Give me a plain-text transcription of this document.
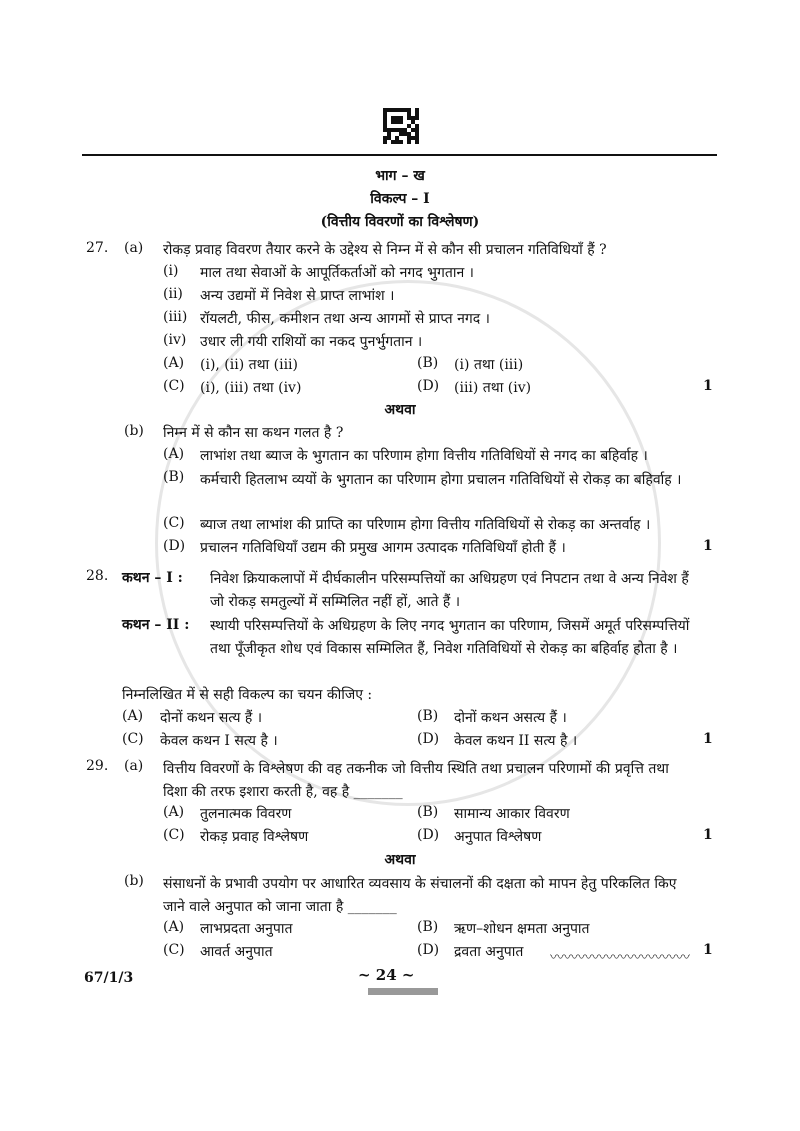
भाग – ख
विकल्प – I
(वित्तीय विवरणों का विश्लेषण)
27. (a) रोकड़ प्रवाह विवरण तैयार करने के उद्देश्य से निम्न में से कौन सी प्रचालन गतिविधियाँ हैं ?
(i) माल तथा सेवाओं के आपूर्तिकर्ताओं को नगद भुगतान ।
(ii) अन्य उद्यमों में निवेश से प्राप्त लाभांश ।
(iii) रॉयलटी, फीस, कमीशन तथा अन्य आगमों से प्राप्त नगद ।
(iv) उधार ली गयी राशियों का नकद पुनर्भुगतान ।
(A) (i), (ii) तथा (iii)	(B) (i) तथा (iii)
(C) (i), (iii) तथा (iv)	(D) (iii) तथा (iv)	1
अथवा
(b) निम्न में से कौन सा कथन गलत है ?
(A) लाभांश तथा ब्याज के भुगतान का परिणाम होगा वित्तीय गतिविधियों से नगद का बहिर्वाह ।
(B) कर्मचारी हितलाभ व्ययों के भुगतान का परिणाम होगा प्रचालन गतिविधियों से रोकड़ का बहिर्वाह ।
(C) ब्याज तथा लाभांश की प्राप्ति का परिणाम होगा वित्तीय गतिविधियों से रोकड़ का अन्तर्वाह ।
(D) प्रचालन गतिविधियाँ उद्यम की प्रमुख आगम उत्पादक गतिविधियाँ होती हैं ।	1
28. कथन – I : निवेश क्रियाकलापों में दीर्घकालीन परिसम्पत्तियों का अधिग्रहण एवं निपटान तथा वे अन्य निवेश हैं जो रोकड़ समतुल्यों में सम्मिलित नहीं हों, आते हैं ।
कथन – II : स्थायी परिसम्पत्तियों के अधिग्रहण के लिए नगद भुगतान का परिणाम, जिसमें अमूर्त परिसम्पत्तियों तथा पूँजीकृत शोध एवं विकास सम्मिलित हैं, निवेश गतिविधियों से रोकड़ का बहिर्वाह होता है ।
निम्नलिखित में से सही विकल्प का चयन कीजिए :
(A) दोनों कथन सत्य हैं ।	(B) दोनों कथन असत्य हैं ।
(C) केवल कथन I सत्य है ।	(D) केवल कथन II सत्य है ।	1
29. (a) वित्तीय विवरणों के विश्लेषण की वह तकनीक जो वित्तीय स्थिति तथा प्रचालन परिणामों की प्रवृत्ति तथा दिशा की तरफ इशारा करती है, वह है _______
(A) तुलनात्मक विवरण	(B) सामान्य आकार विवरण
(C) रोकड़ प्रवाह विश्लेषण	(D) अनुपात विश्लेषण	1
अथवा
(b) संसाधनों के प्रभावी उपयोग पर आधारित व्यवसाय के संचालनों की दक्षता को मापन हेतु परिकलित किए जाने वाले अनुपात को जाना जाता है _______
(A) लाभप्रदता अनुपात	(B) ऋण–शोधन क्षमता अनुपात
(C) आवर्त अनुपात	(D) द्रवता अनुपात	1
〰〰〰〰〰〰〰〰〰〰
67/1/3	~ 24 ~
